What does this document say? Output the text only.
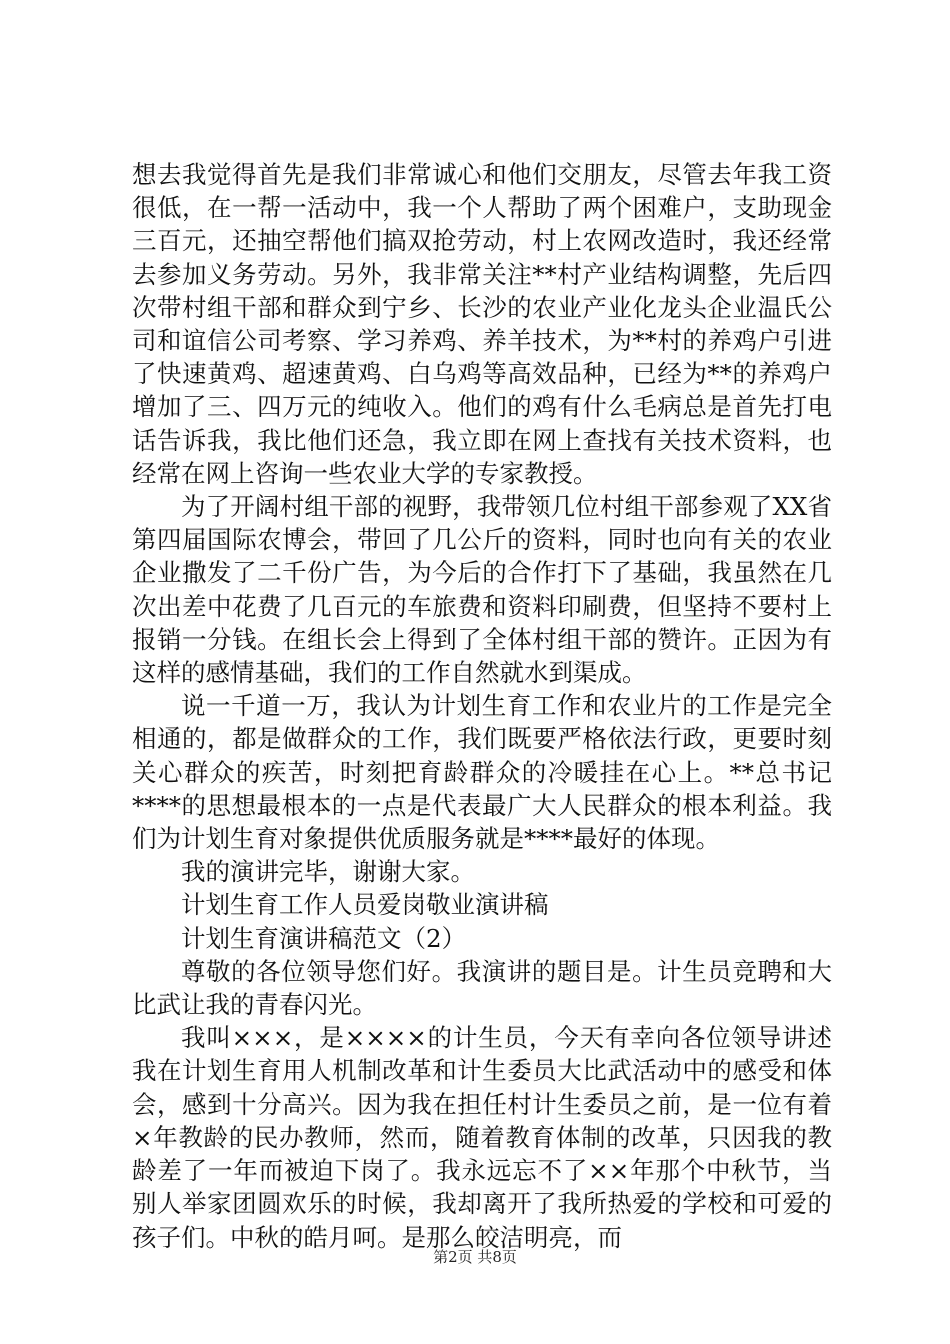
想去我觉得首先是我们非常诚心和他们交朋友，尽管去年我工资很低，在一帮一活动中，我一个人帮助了两个困难户，支助现金三百元，还抽空帮他们搞双抢劳动，村上农网改造时，我还经常去参加义务劳动。另外，我非常关注**村产业结构调整，先后四次带村组干部和群众到宁乡、长沙的农业产业化龙头企业温氏公司和谊信公司考察、学习养鸡、养羊技术，为**村的养鸡户引进了快速黄鸡、超速黄鸡、白乌鸡等高效品种，已经为**的养鸡户增加了三、四万元的纯收入。他们的鸡有什么毛病总是首先打电话告诉我，我比他们还急，我立即在网上查找有关技术资料，也经常在网上咨询一些农业大学的专家教授。

为了开阔村组干部的视野，我带领几位村组干部参观了XX省第四届国际农博会，带回了几公斤的资料，同时也向有关的农业企业撒发了二千份广告，为今后的合作打下了基础，我虽然在几次出差中花费了几百元的车旅费和资料印刷费，但坚持不要村上报销一分钱。在组长会上得到了全体村组干部的赞许。正因为有这样的感情基础，我们的工作自然就水到渠成。

说一千道一万，我认为计划生育工作和农业片的工作是完全相通的，都是做群众的工作，我们既要严格依法行政，更要时刻关心群众的疾苦，时刻把育龄群众的冷暖挂在心上。**总书记****的思想最根本的一点是代表最广大人民群众的根本利益。我们为计划生育对象提供优质服务就是****最好的体现。

我的演讲完毕，谢谢大家。

计划生育工作人员爱岗敬业演讲稿

计划生育演讲稿范文（2）

尊敬的各位领导您们好。我演讲的题目是。计生员竞聘和大比武让我的青春闪光。

我叫×××，是××××的计生员，今天有幸向各位领导讲述我在计划生育用人机制改革和计生委员大比武活动中的感受和体会，感到十分高兴。因为我在担任村计生委员之前，是一位有着×年教龄的民办教师，然而，随着教育体制的改革，只因我的教龄差了一年而被迫下岗了。我永远忘不了××年那个中秋节，当别人举家团圆欢乐的时候，我却离开了我所热爱的学校和可爱的孩子们。中秋的皓月呵。是那么皎洁明亮，而

第2页 共8页
